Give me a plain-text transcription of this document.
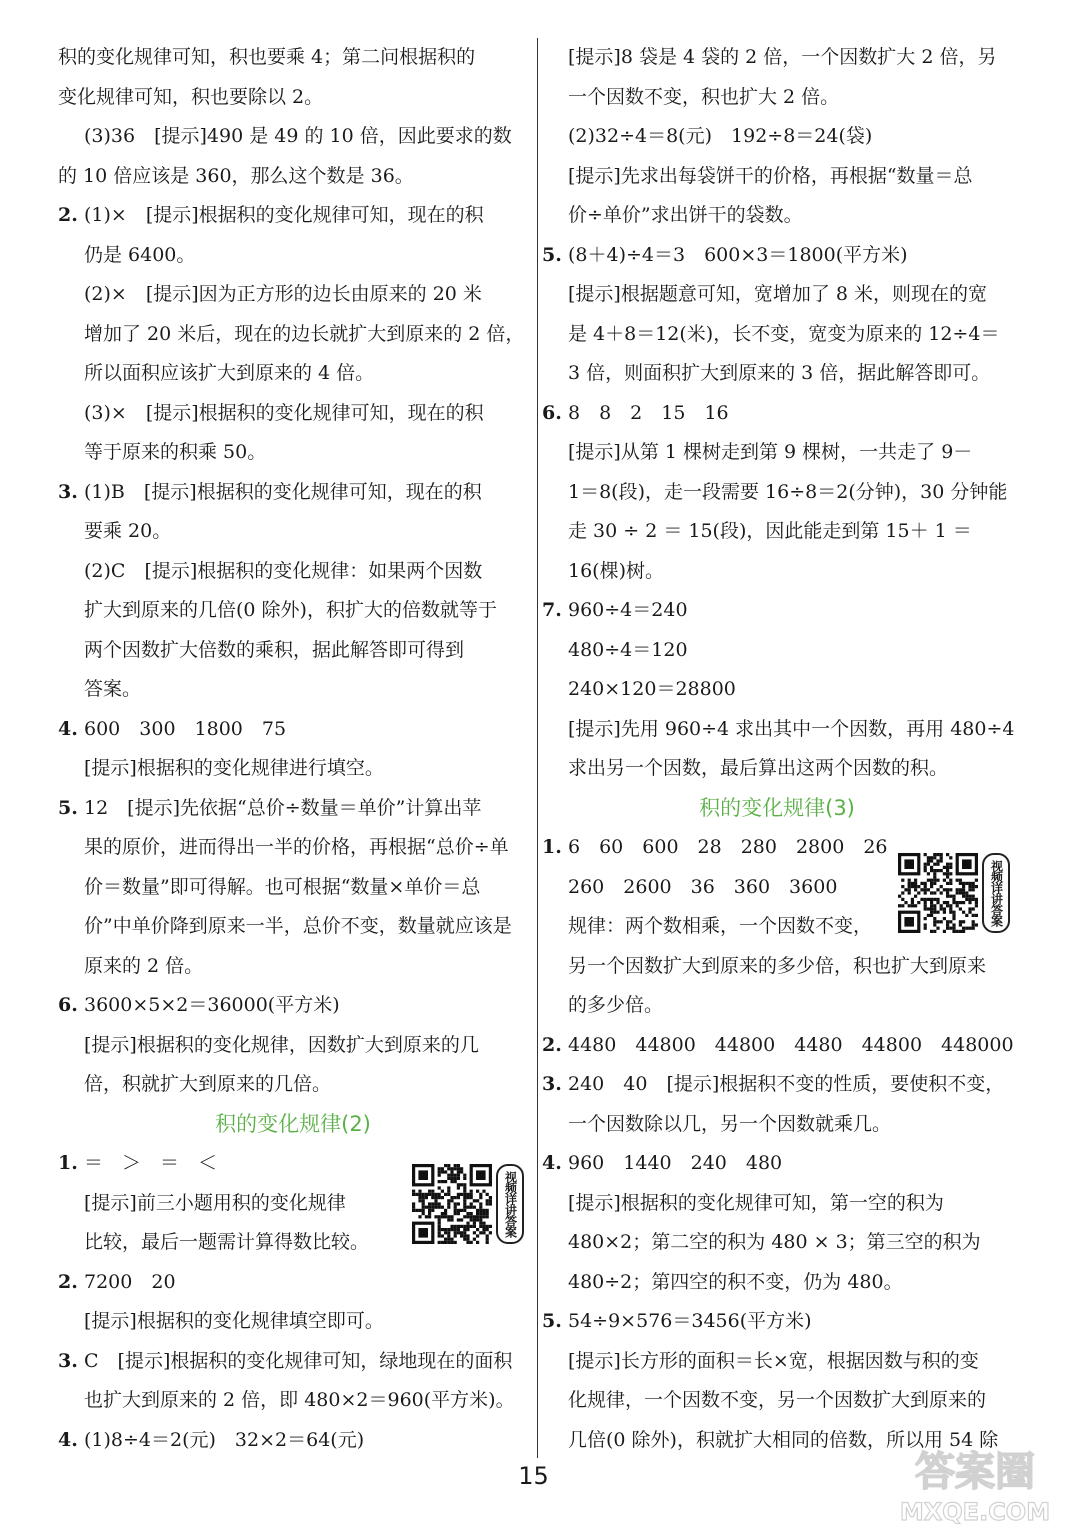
积的变化规律可知，积也要乘 4；第二问根据积的
变化规律可知，积也要除以 2。
(3)36　[提示]490 是 49 的 10 倍，因此要求的数
的 10 倍应该是 360，那么这个数是 36。
2. (1)×　[提示]根据积的变化规律可知，现在的积
仍是 6400。
(2)×　[提示]因为正方形的边长由原来的 20 米
增加了 20 米后，现在的边长就扩大到原来的 2 倍，
所以面积应该扩大到原来的 4 倍。
(3)×　[提示]根据积的变化规律可知，现在的积
等于原来的积乘 50。
3. (1)B　[提示]根据积的变化规律可知，现在的积
要乘 20。
(2)C　[提示]根据积的变化规律：如果两个因数
扩大到原来的几倍(0 除外)，积扩大的倍数就等于
两个因数扩大倍数的乘积，据此解答即可得到
答案。
4. 600　300　1800　75
[提示]根据积的变化规律进行填空。
5. 12　[提示]先依据“总价÷数量＝单价”计算出苹
果的原价，进而得出一半的价格，再根据“总价÷单
价＝数量”即可得解。也可根据“数量×单价＝总
价”中单价降到原来一半，总价不变，数量就应该是
原来的 2 倍。
6. 3600×5×2＝36000(平方米)
[提示]根据积的变化规律，因数扩大到原来的几
倍，积就扩大到原来的几倍。
积的变化规律(2)
1. ＝　＞　＝　＜
[提示]前三小题用积的变化规律
比较，最后一题需计算得数比较。
2. 7200　20
[提示]根据积的变化规律填空即可。
3. C　[提示]根据积的变化规律可知，绿地现在的面积
也扩大到原来的 2 倍，即 480×2＝960(平方米)。
4. (1)8÷4＝2(元)　32×2＝64(元)
[提示]8 袋是 4 袋的 2 倍，一个因数扩大 2 倍，另
一个因数不变，积也扩大 2 倍。
(2)32÷4＝8(元)　192÷8＝24(袋)
[提示]先求出每袋饼干的价格，再根据“数量＝总
价÷单价”求出饼干的袋数。
5. (8＋4)÷4＝3　600×3＝1800(平方米)
[提示]根据题意可知，宽增加了 8 米，则现在的宽
是 4＋8＝12(米)，长不变，宽变为原来的 12÷4＝
3 倍，则面积扩大到原来的 3 倍，据此解答即可。
6. 8　8　2　15　16
[提示]从第 1 棵树走到第 9 棵树，一共走了 9－
1＝8(段)，走一段需要 16÷8＝2(分钟)，30 分钟能
走 30 ÷ 2 ＝ 15(段)，因此能走到第 15＋ 1 ＝
16(棵)树。
7. 960÷4＝240
480÷4＝120
240×120＝28800
[提示]先用 960÷4 求出其中一个因数，再用 480÷4
求出另一个因数，最后算出这两个因数的积。
积的变化规律(3)
1. 6　60　600　28　280　2800　26
260　2600　36　360　3600
规律：两个数相乘，一个因数不变，
另一个因数扩大到原来的多少倍，积也扩大到原来
的多少倍。
2. 4480　44800　44800　4480　44800　448000
3. 240　40　[提示]根据积不变的性质，要使积不变，
一个因数除以几，另一个因数就乘几。
4. 960　1440　240　480
[提示]根据积的变化规律可知，第一空的积为
480×2；第二空的积为 480 × 3；第三空的积为
480÷2；第四空的积不变，仍为 480。
5. 54÷9×576＝3456(平方米)
[提示]长方形的面积＝长×宽，根据因数与积的变
化规律，一个因数不变，另一个因数扩大到原来的
几倍(0 除外)，积就扩大相同的倍数，所以用 54 除
视频详讲答案
视频详讲答案
15	答案圈
MXQE.COM
